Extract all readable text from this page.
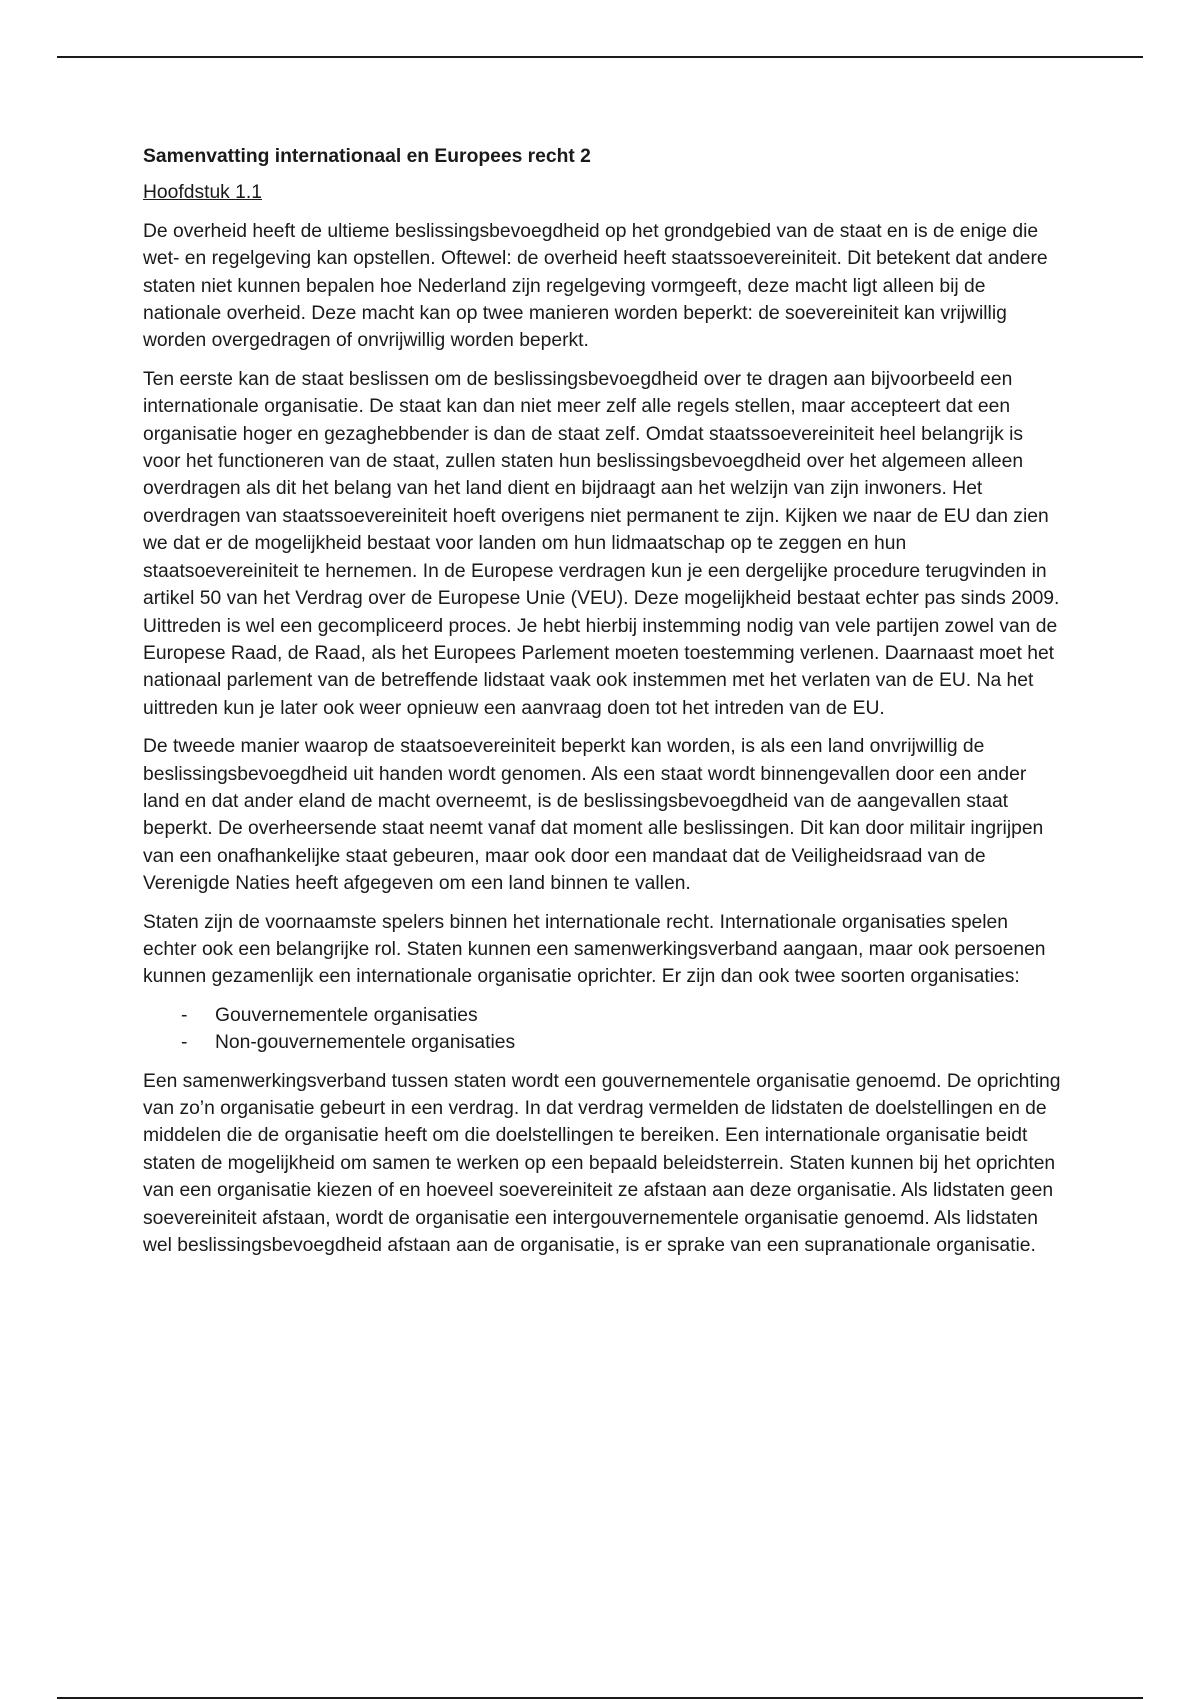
Samenvatting internationaal en Europees recht 2
Hoofdstuk 1.1

De overheid heeft de ultieme beslissingsbevoegdheid op het grondgebied van de staat en is de enige die wet- en regelgeving kan opstellen. Oftewel: de overheid heeft staatssoevereiniteit. Dit betekent dat andere staten niet kunnen bepalen hoe Nederland zijn regelgeving vormgeeft, deze macht ligt alleen bij de nationale overheid. Deze macht kan op twee manieren worden beperkt: de soevereiniteit kan vrijwillig worden overgedragen of onvrijwillig worden beperkt.

Ten eerste kan de staat beslissen om de beslissingsbevoegdheid over te dragen aan bijvoorbeeld een internationale organisatie. De staat kan dan niet meer zelf alle regels stellen, maar accepteert dat een organisatie hoger en gezaghebbender is dan de staat zelf. Omdat staatssoevereiniteit heel belangrijk is voor het functioneren van de staat, zullen staten hun beslissingsbevoegdheid over het algemeen alleen overdragen als dit het belang van het land dient en bijdraagt aan het welzijn van zijn inwoners. Het overdragen van staatssoevereiniteit hoeft overigens niet permanent te zijn. Kijken we naar de EU dan zien we dat er de mogelijkheid bestaat voor landen om hun lidmaatschap op te zeggen en hun staatsoevereiniteit te hernemen. In de Europese verdragen kun je een dergelijke procedure terugvinden in artikel 50 van het Verdrag over de Europese Unie (VEU). Deze mogelijkheid bestaat echter pas sinds 2009. Uittreden is wel een gecompliceerd proces. Je hebt hierbij instemming nodig van vele partijen zowel van de Europese Raad, de Raad, als het Europees Parlement moeten toestemming verlenen. Daarnaast moet het nationaal parlement van de betreffende lidstaat vaak ook instemmen met het verlaten van de EU. Na het uittreden kun je later ook weer opnieuw een aanvraag doen tot het intreden van de EU.

De tweede manier waarop de staatsoevereiniteit beperkt kan worden, is als een land onvrijwillig de beslissingsbevoegdheid uit handen wordt genomen. Als een staat wordt binnengevallen door een ander land en dat ander eland de macht overneemt, is de beslissingsbevoegdheid van de aangevallen staat beperkt. De overheersende staat neemt vanaf dat moment alle beslissingen. Dit kan door militair ingrijpen van een onafhankelijke staat gebeuren, maar ook door een mandaat dat de Veiligheidsraad van de Verenigde Naties heeft afgegeven om een land binnen te vallen.

Staten zijn de voornaamste spelers binnen het internationale recht. Internationale organisaties spelen echter ook een belangrijke rol. Staten kunnen een samenwerkingsverband aangaan, maar ook persoenen kunnen gezamenlijk een internationale organisatie oprichter. Er zijn dan ook twee soorten organisaties:

- Gouvernementele organisaties
- Non-gouvernementele organisaties

Een samenwerkingsverband tussen staten wordt een gouvernementele organisatie genoemd. De oprichting van zo’n organisatie gebeurt in een verdrag. In dat verdrag vermelden de lidstaten de doelstellingen en de middelen die de organisatie heeft om die doelstellingen te bereiken. Een internationale organisatie beidt staten de mogelijkheid om samen te werken op een bepaald beleidsterrein. Staten kunnen bij het oprichten van een organisatie kiezen of en hoeveel soevereiniteit ze afstaan aan deze organisatie. Als lidstaten geen soevereiniteit afstaan, wordt de organisatie een intergouvernementele organisatie genoemd. Als lidstaten wel beslissingsbevoegdheid afstaan aan de organisatie, is er sprake van een supranationale organisatie.
